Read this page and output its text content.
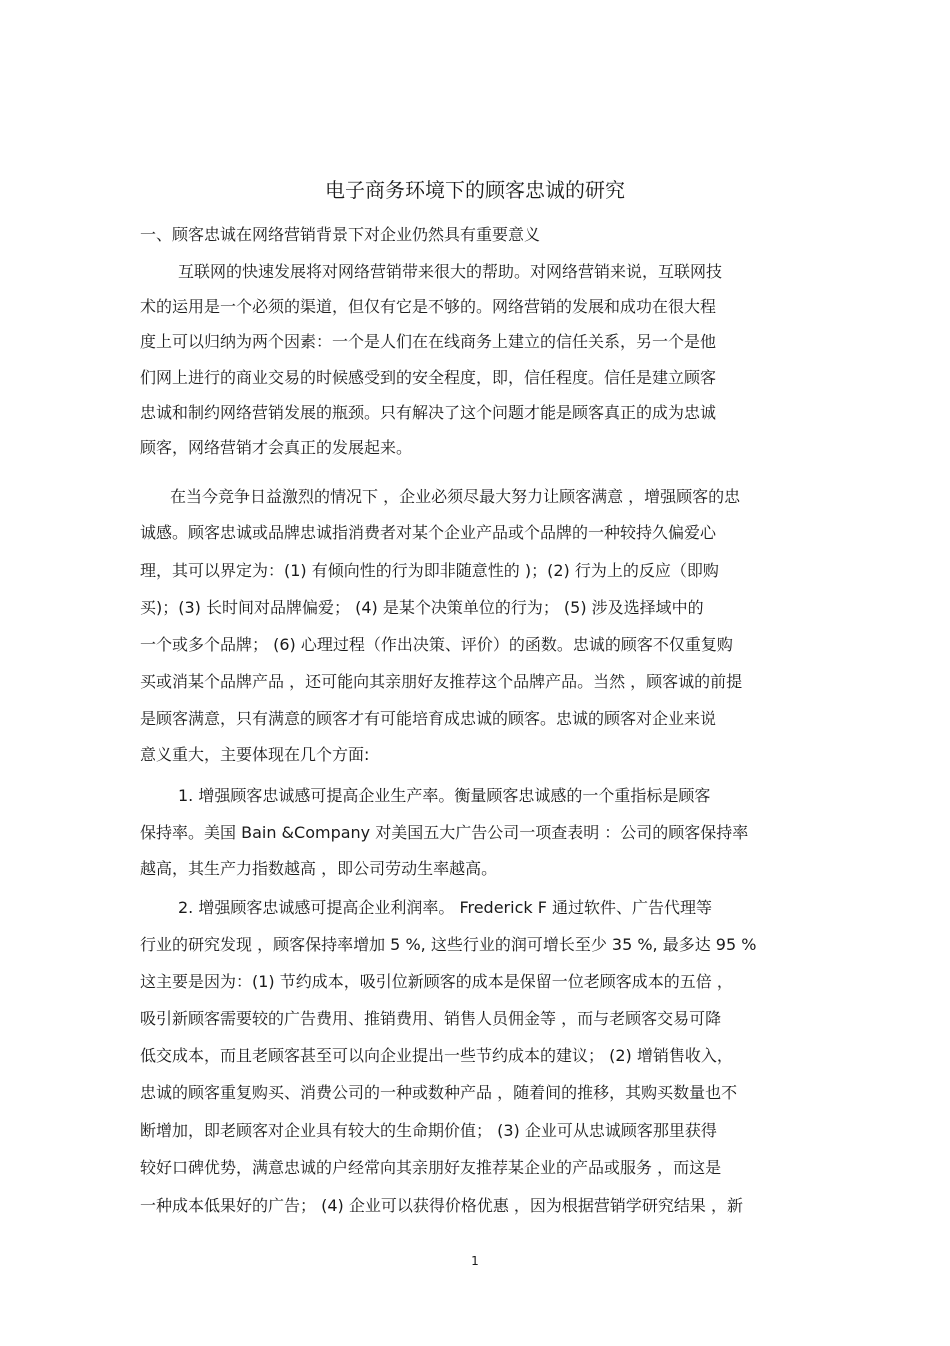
电子商务环境下的顾客忠诚的研究
一、顾客忠诚在网络营销背景下对企业仍然具有重要意义
互联网的快速发展将对网络营销带来很大的帮助。对网络营销来说，互联网技
术的运用是一个必须的渠道，但仅有它是不够的。网络营销的发展和成功在很大程
度上可以归纳为两个因素：一个是人们在在线商务上建立的信任关系，另一个是他
们网上进行的商业交易的时候感受到的安全程度，即，信任程度。信任是建立顾客
忠诚和制约网络营销发展的瓶颈。只有解决了这个问题才能是顾客真正的成为忠诚
顾客，网络营销才会真正的发展起来。
在当今竞争日益激烈的情况下 ，企业必须尽最大努力让顾客满意 ，增强顾客的忠
诚感。顾客忠诚或品牌忠诚指消费者对某个企业产品或个品牌的一种较持久偏爱心
理，其可以界定为：(1) 有倾向性的行为即非随意性的 )；(2) 行为上的反应（即购
买)；(3) 长时间对品牌偏爱； (4) 是某个决策单位的行为； (5) 涉及选择域中的
一个或多个品牌； (6) 心理过程（作出决策、评价）的函数。忠诚的顾客不仅重复购
买或消某个品牌产品 ，还可能向其亲朋好友推荐这个品牌产品。当然 ，顾客诚的前提
是顾客满意，只有满意的顾客才有可能培育成忠诚的顾客。忠诚的顾客对企业来说
意义重大，主要体现在几个方面:
1. 增强顾客忠诚感可提高企业生产率。衡量顾客忠诚感的一个重指标是顾客
保持率。美国 Bain &Company 对美国五大广告公司一项查表明 ：公司的顾客保持率
越高，其生产力指数越高 ，即公司劳动生率越高。
2. 增强顾客忠诚感可提高企业利润率。 Frederick F 通过软件、广告代理等
行业的研究发现 ，顾客保持率增加 5 %, 这些行业的润可增长至少 35 %, 最多达 95 %
这主要是因为：(1) 节约成本，吸引位新顾客的成本是保留一位老顾客成本的五倍 ，
吸引新顾客需要较的广告费用、推销费用、销售人员佣金等 ，而与老顾客交易可降
低交成本，而且老顾客甚至可以向企业提出一些节约成本的建议； (2) 增销售收入，
忠诚的顾客重复购买、消费公司的一种或数种产品 ，随着间的推移，其购买数量也不
断增加，即老顾客对企业具有较大的生命期价值； (3) 企业可从忠诚顾客那里获得
较好口碑优势，满意忠诚的户经常向其亲朋好友推荐某企业的产品或服务 ，而这是
一种成本低果好的广告； (4) 企业可以获得价格优惠 ，因为根据营销学研究结果 ，新
1
